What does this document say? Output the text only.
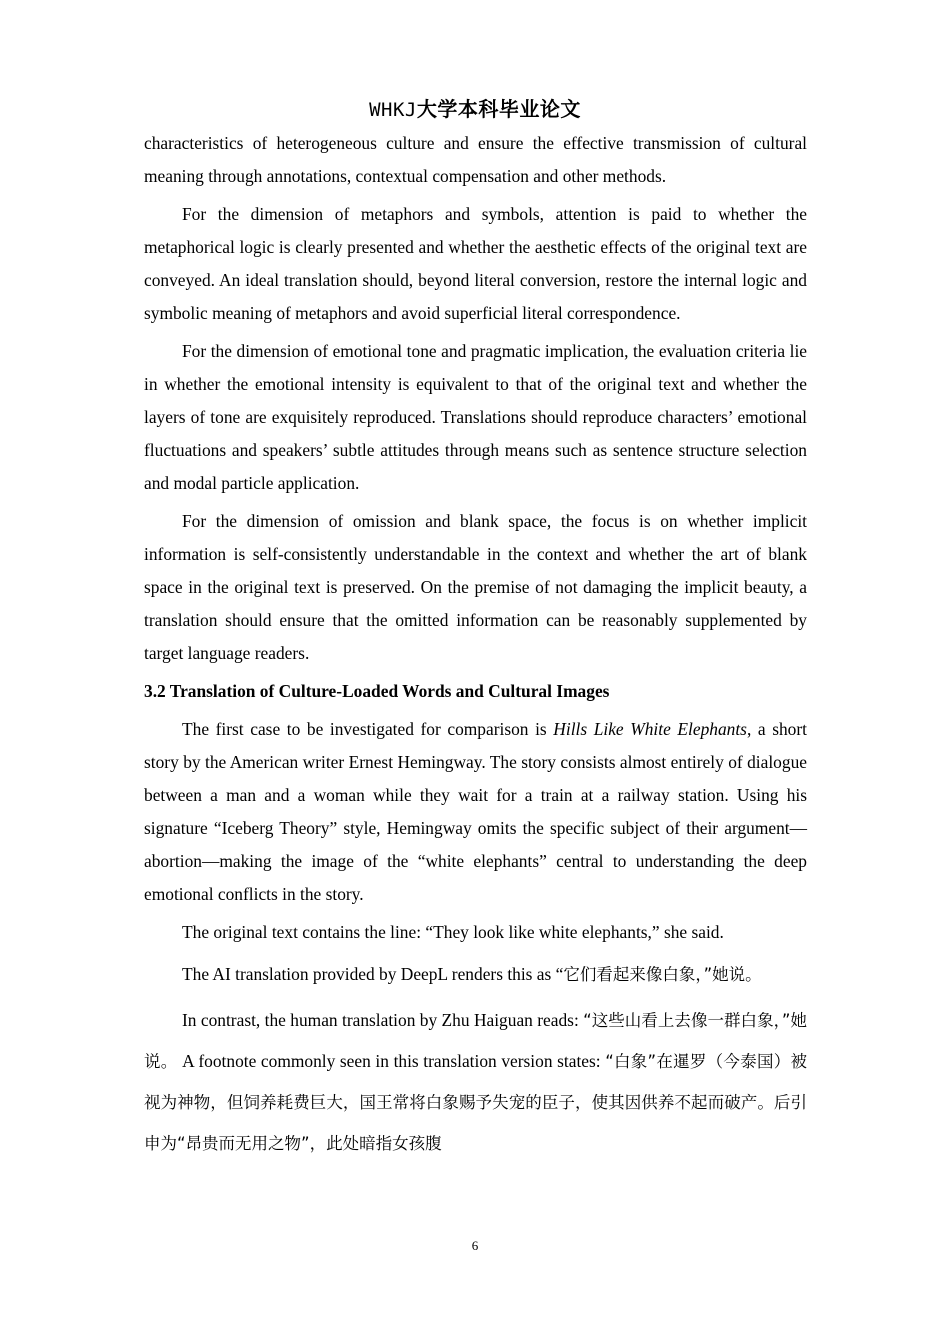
WHKJ大学本科毕业论文

characteristics of heterogeneous culture and ensure the effective transmission of cultural meaning through annotations, contextual compensation and other methods.

For the dimension of metaphors and symbols, attention is paid to whether the metaphorical logic is clearly presented and whether the aesthetic effects of the original text are conveyed. An ideal translation should, beyond literal conversion, restore the internal logic and symbolic meaning of metaphors and avoid superficial literal correspondence.

For the dimension of emotional tone and pragmatic implication, the evaluation criteria lie in whether the emotional intensity is equivalent to that of the original text and whether the layers of tone are exquisitely reproduced. Translations should reproduce characters’ emotional fluctuations and speakers’ subtle attitudes through means such as sentence structure selection and modal particle application.

For the dimension of omission and blank space, the focus is on whether implicit information is self-consistently understandable in the context and whether the art of blank space in the original text is preserved. On the premise of not damaging the implicit beauty, a translation should ensure that the omitted information can be reasonably supplemented by target language readers.

3.2 Translation of Culture-Loaded Words and Cultural Images

The first case to be investigated for comparison is Hills Like White Elephants, a short story by the American writer Ernest Hemingway. The story consists almost entirely of dialogue between a man and a woman while they wait for a train at a railway station. Using his signature “Iceberg Theory” style, Hemingway omits the specific subject of their argument—abortion—making the image of the “white elephants” central to understanding the deep emotional conflicts in the story.

The original text contains the line: “They look like white elephants,” she said.

The AI translation provided by DeepL renders this as “它们看起来像白象，”她说。

In contrast, the human translation by Zhu Haiguan reads: “这些山看上去像一群白象，”她说。 A footnote commonly seen in this translation version states: “白象”在暹罗（今泰国）被视为神物，但饲养耗费巨大，国王常将白象赐予失宠的臣子，使其因供养不起而破产。后引申为“昂贵而无用之物”，此处暗指女孩腹

6
